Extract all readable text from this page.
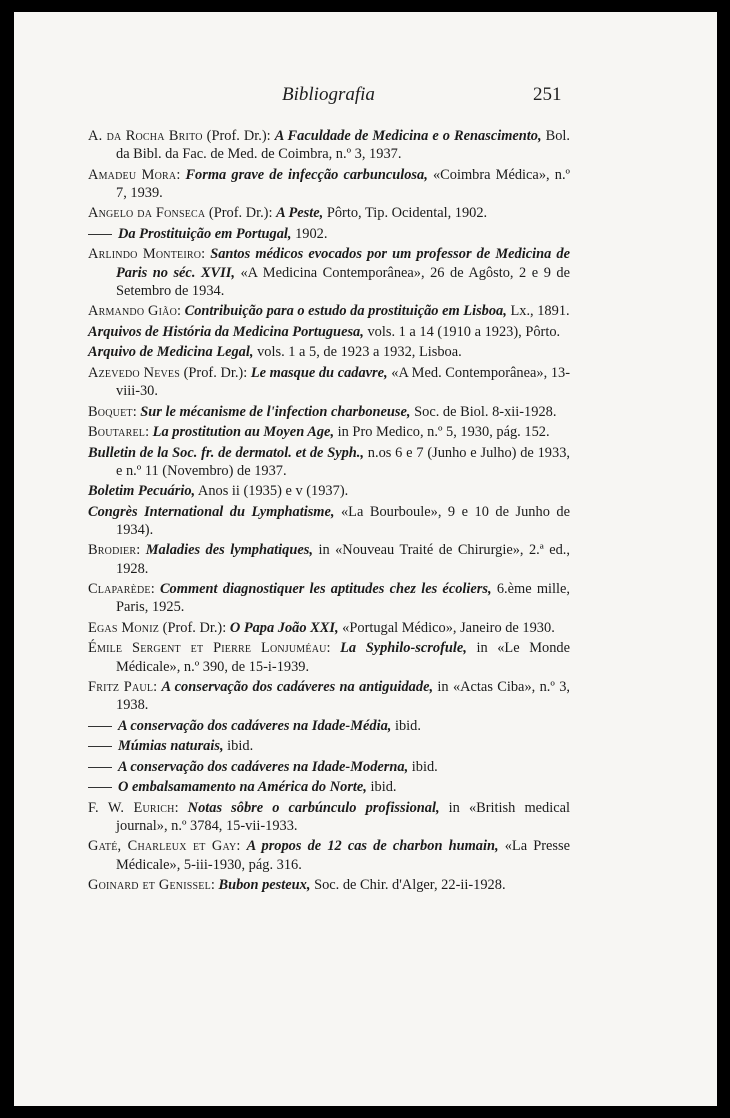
Bibliografia	251

A. da Rocha Brito (Prof. Dr.): A Faculdade de Medicina e o Renascimento, Bol. da Bibl. da Fac. de Med. de Coimbra, n.º 3, 1937.

Amadeu Mora: Forma grave de infecção carbunculosa, «Coimbra Médica», n.º 7, 1939.

Angelo da Fonseca (Prof. Dr.): A Peste, Pôrto, Tip. Ocidental, 1902.

Da Prostituição em Portugal, 1902.

Arlindo Monteiro: Santos médicos evocados por um professor de Medicina de Paris no séc. XVII, «A Medicina Contemporânea», 26 de Agôsto, 2 e 9 de Setembro de 1934.

Armando Gião: Contribuição para o estudo da prostituição em Lisboa, Lx., 1891.

Arquivos de História da Medicina Portuguesa, vols. 1 a 14 (1910 a 1923), Pôrto.

Arquivo de Medicina Legal, vols. 1 a 5, de 1923 a 1932, Lisboa.

Azevedo Neves (Prof. Dr.): Le masque du cadavre, «A Med. Contemporânea», 13-viii-30.

Boquet: Sur le mécanisme de l'infection charboneuse, Soc. de Biol. 8-xii-1928.

Boutarel: La prostitution au Moyen Age, in Pro Medico, n.º 5, 1930, pág. 152.

Bulletin de la Soc. fr. de dermatol. et de Syph., n.os 6 e 7 (Junho e Julho) de 1933, e n.º 11 (Novembro) de 1937.

Boletim Pecuário, Anos ii (1935) e v (1937).

Congrès International du Lymphatisme, «La Bourboule», 9 e 10 de Junho de 1934).

Brodier: Maladies des lymphatiques, in «Nouveau Traité de Chirurgie», 2.ª ed., 1928.

Claparède: Comment diagnostiquer les aptitudes chez les écoliers, 6.ème mille, Paris, 1925.

Egas Moniz (Prof. Dr.): O Papa João XXI, «Portugal Médico», Janeiro de 1930.

Émile Sergent et Pierre Lonjuméau: La Syphilo-scrofule, in «Le Monde Médicale», n.º 390, de 15-i-1939.

Fritz Paul: A conservação dos cadáveres na antiguidade, in «Actas Ciba», n.º 3, 1938.

A conservação dos cadáveres na Idade-Média, ibid.

Múmias naturais, ibid.

A conservação dos cadáveres na Idade-Moderna, ibid.

O embalsamamento na América do Norte, ibid.

F. W. Eurich: Notas sôbre o carbúnculo profissional, in «British medical journal», n.º 3784, 15-vii-1933.

Gaté, Charleux et Gay: A propos de 12 cas de charbon humain, «La Presse Médicale», 5-iii-1930, pág. 316.

Goinard et Genissel: Bubon pesteux, Soc. de Chir. d'Alger, 22-ii-1928.
